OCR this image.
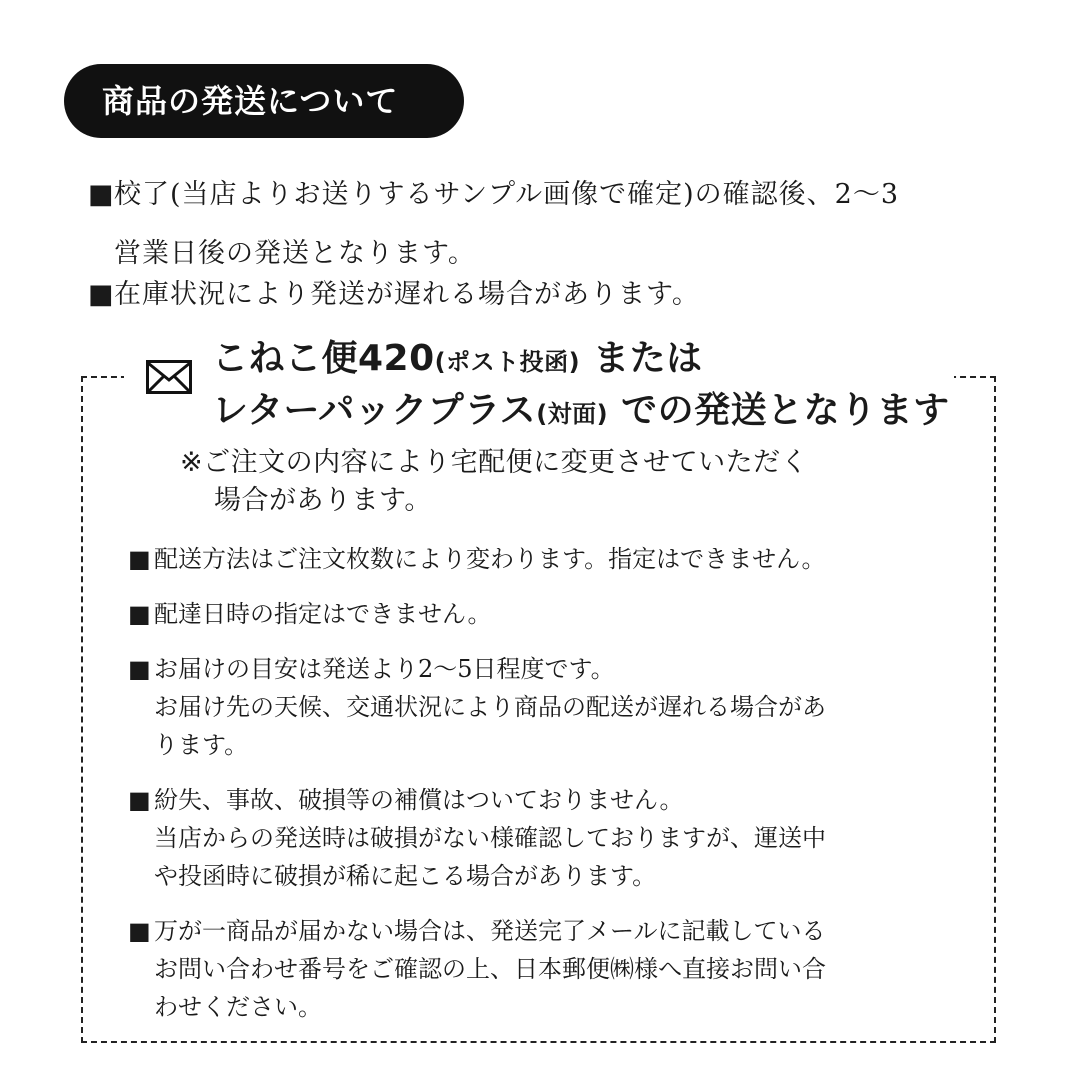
商品の発送について

■校了(当店よりお送りするサンプル画像で確定)の確認後、2〜3
営業日後の発送となります。

■在庫状況により発送が遅れる場合があります。

こねこ便420(ポスト投函) または

レターパックプラス(対面) での発送となります

※ご注文の内容により宅配便に変更させていただく

場合があります。

■ 配送方法はご注文枚数により変わります。指定はできません。
■ 配達日時の指定はできません。
■ お届けの目安は発送より2〜5日程度です。
お届け先の天候、交通状況により商品の配送が遅れる場合があ
ります。
■ 紛失、事故、破損等の補償はついておりません。
当店からの発送時は破損がない様確認しておりますが、運送中
や投函時に破損が稀に起こる場合があります。
■ 万が一商品が届かない場合は、発送完了メールに記載している
お問い合わせ番号をご確認の上、日本郵便㈱様へ直接お問い合
わせください。
